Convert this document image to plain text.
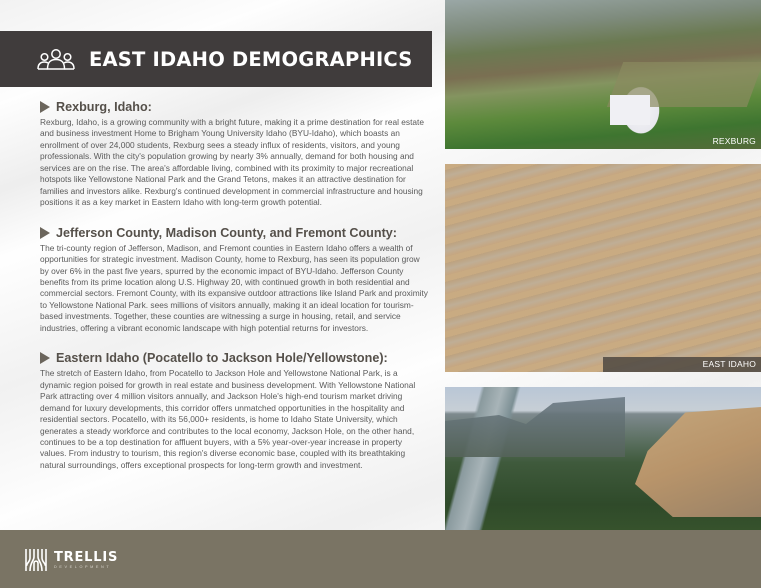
EAST IDAHO DEMOGRAPHICS
Rexburg, Idaho:

Rexburg, Idaho, is a growing community with a bright future, making it a prime destination for real estate and business investment Home to Brigham Young University Idaho (BYU-Idaho), which boasts an enrollment of over 24,000 students, Rexburg sees a steady influx of residents, visitors, and young professionals. With the city's population growing by nearly 3% annually, demand for both housing and services are on the rise. The area's affordable living, combined with its proximity to major recreational hotspots like Yellowstone National Park and the Grand Tetons, makes it an attractive destination for families and investors alike. Rexburg's continued development in commercial infrastructure and housing positions it as a key market in Eastern Idaho with long-term growth potential.

Jefferson County, Madison County, and Fremont County:

The tri-county region of Jefferson, Madison, and Fremont counties in Eastern Idaho offers a wealth of opportunities for strategic investment. Madison County, home to Rexburg, has seen its population grow by over 6% in the past five years, spurred by the economic impact of BYU-Idaho. Jefferson County benefits from its prime location along U.S. Highway 20, with continued growth in both residential and commercial sectors. Fremont County, with its expansive outdoor attractions like Island Park and proximity to Yellowstone National Park. sees millions of visitors annually, making it an ideal location for tourism-based investments. Together, these counties are witnessing a surge in housing, retail, and service industries, offering a vibrant economic landscape with high potential returns for investors.

Eastern Idaho (Pocatello to Jackson Hole/Yellowstone):

The stretch of Eastern Idaho, from Pocatello to Jackson Hole and Yellowstone National Park, is a dynamic region poised for growth in real estate and business development. With Yellowstone National Park attracting over 4 million visitors annually, and Jackson Hole's high-end tourism market driving demand for luxury developments, this corridor offers unmatched opportunities in the hospitality and residential sectors. Pocatello, with its 56,000+ residents, is home to Idaho State University, which generates a steady workforce and contributes to the local economy, Jackson Hole, on the other hand, continues to be a top destination for affluent buyers, with a 5% year-over-year increase in property values. From industry to tourism, this region's diverse economic base, coupled with its breathtaking natural surroundings, offers exceptional prospects for long-term growth and investment.

REXBURG
EAST IDAHO
TRELLIS
DEVELOPMENT
